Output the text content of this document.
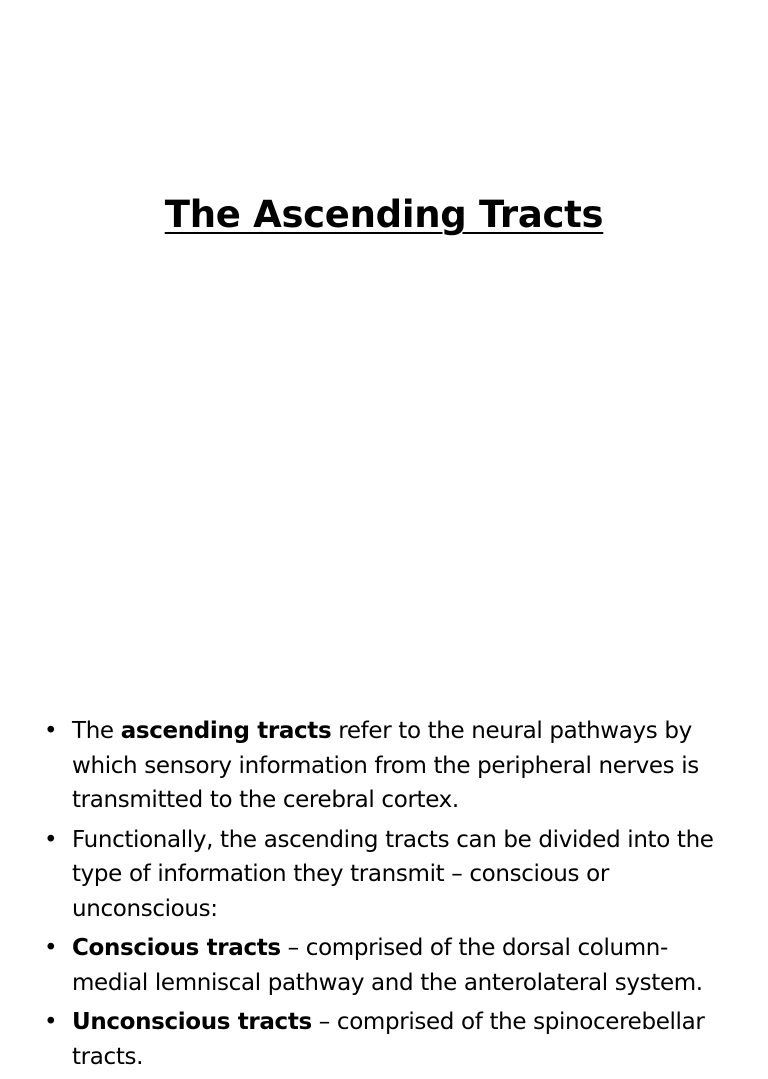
The Ascending Tracts
• The ascending tracts refer to the neural pathways by which sensory information from the peripheral nerves is transmitted to the cerebral cortex.
• Functionally, the ascending tracts can be divided into the type of information they transmit – conscious or unconscious:
• Conscious tracts – comprised of the dorsal column-medial lemniscal pathway and the anterolateral system.
• Unconscious tracts – comprised of the spinocerebellar tracts.
